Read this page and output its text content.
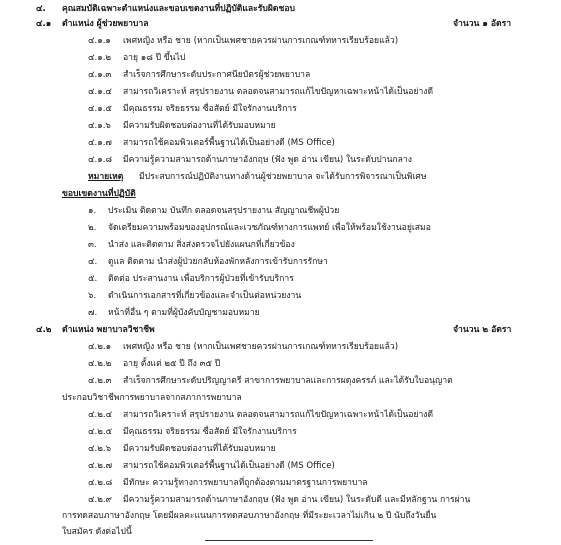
๔. คุณสมบัติเฉพาะตำแหน่งและขอบเขตงานที่ปฏิบัติและรับผิดชอบ
๔.๑ ตำแหน่ง ผู้ช่วยพยาบาล	จำนวน ๑ อัตรา
๔.๑.๑ เพศหญิง หรือ ชาย (หากเป็นเพศชายควรผ่านการเกณฑ์ทหารเรียบร้อยแล้ว)
๔.๑.๒ อายุ ๑๘ ปี ขึ้นไป
๔.๑.๓ สำเร็จการศึกษาระดับประกาศนียบัตรผู้ช่วยพยาบาล
๔.๑.๔ สามารถวิเคราะห์ สรุปรายงาน ตลอดจนสามารถแก้ไขปัญหาเฉพาะหน้าได้เป็นอย่างดี
๔.๑.๕ มีคุณธรรม จริยธรรม ซื่อสัตย์ มีใจรักงานบริการ
๔.๑.๖ มีความรับผิดชอบต่องานที่ได้รับมอบหมาย
๔.๑.๗ สามารถใช้คอมพิวเตอร์พื้นฐานได้เป็นอย่างดี (MS Office)
๔.๑.๘ มีความรู้ความสามารถด้านภาษาอังกฤษ (ฟัง พูด อ่าน เขียน) ในระดับปานกลาง
หมายเหตุ มีประสบการณ์ปฏิบัติงานทางด้านผู้ช่วยพยาบาล จะได้รับการพิจารณาเป็นพิเศษ
ขอบเขตงานที่ปฏิบัติ
๑. ประเมิน ติดตาม บันทึก ตลอดจนสรุปรายงาน สัญญาณชีพผู้ป่วย
๒. จัดเตรียมความพร้อมของอุปกรณ์และเวชภัณฑ์ทางการแพทย์ เพื่อให้พร้อมใช้งานอยู่เสมอ
๓. นำส่ง และติดตาม สิ่งส่งตรวจไปยังแผนกที่เกี่ยวข้อง
๔. ดูแล ติดตาม นำส่งผู้ป่วยกลับห้องพักหลังการเข้ารับการรักษา
๕. ติดต่อ ประสานงาน เพื่อบริการผู้ป่วยที่เข้ารับบริการ
๖. ดำเนินการเอกสารที่เกี่ยวข้องและจำเป็นต่อหน่วยงาน
๗. หน้าที่อื่น ๆ ตามที่ผู้บังคับบัญชามอบหมาย
๔.๒ ตำแหน่ง พยาบาลวิชาชีพ	จำนวน ๒ อัตรา
๔.๒.๑ เพศหญิง หรือ ชาย (หากเป็นเพศชายควรผ่านการเกณฑ์ทหารเรียบร้อยแล้ว)
๔.๒.๒ อายุ ตั้งแต่ ๒๕ ปี ถึง ๓๕ ปี
๔.๒.๓ สำเร็จการศึกษาระดับปริญญาตรี สาขาการพยาบาลและการผดุงครรภ์ และได้รับใบอนุญาต
ประกอบวิชาชีพการพยาบาลจากสภาการพยาบาล
๔.๒.๔ สามารถวิเคราะห์ สรุปรายงาน ตลอดจนสามารถแก้ไขปัญหาเฉพาะหน้าได้เป็นอย่างดี
๔.๒.๕ มีคุณธรรม จริยธรรม ซื่อสัตย์ มีใจรักงานบริการ
๔.๒.๖ มีความรับผิดชอบต่องานที่ได้รับมอบหมาย
๔.๒.๗ สามารถใช้คอมพิวเตอร์พื้นฐานได้เป็นอย่างดี (MS Office)
๔.๒.๘ มีทักษะ ความรู้ทางการพยาบาลที่ถูกต้องตามมาตรฐานการพยาบาล
๔.๒.๙ มีความรู้ความสามารถด้านภาษาอังกฤษ (ฟัง พูด อ่าน เขียน) ในระดับดี และมีหลักฐาน การผ่าน
การทดสอบภาษาอังกฤษ โดยมีผลคะแนนการทดสอบภาษาอังกฤษ ที่มีระยะเวลาไม่เกิน ๒ ปี นับถึงวันยื่น
ใบสมัคร ดังต่อไปนี้
